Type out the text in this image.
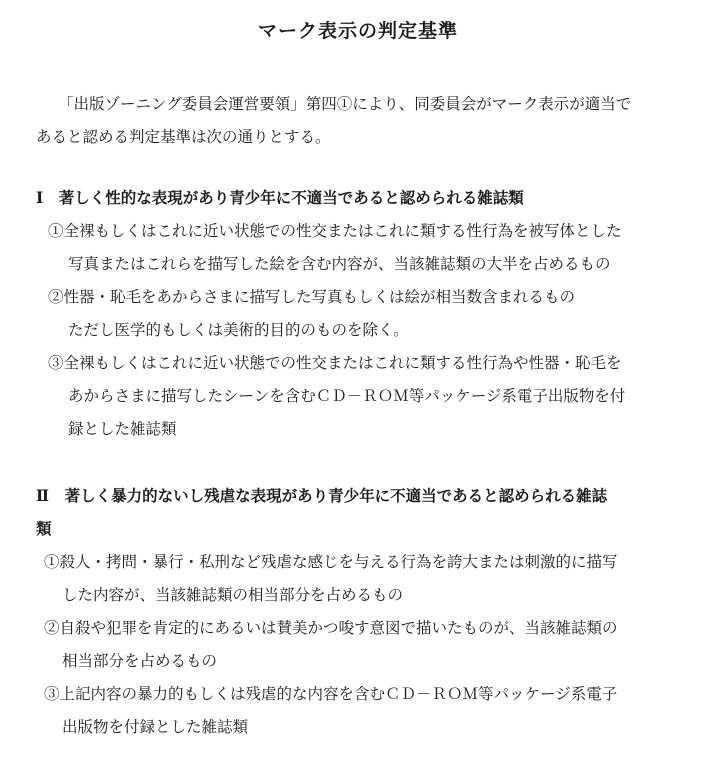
マーク表示の判定基準
「出版ゾーニング委員会運営要領」第四①により、同委員会がマーク表示が適当で
あると認める判定基準は次の通りとする。
Ⅰ　著しく性的な表現があり青少年に不適当であると認められる雑誌類
①全裸もしくはこれに近い状態での性交またはこれに類する性行為を被写体とした
写真またはこれらを描写した絵を含む内容が、当該雑誌類の大半を占めるもの
②性器・恥毛をあからさまに描写した写真もしくは絵が相当数含まれるもの
ただし医学的もしくは美術的目的のものを除く。
③全裸もしくはこれに近い状態での性交またはこれに類する性行為や性器・恥毛を
あからさまに描写したシーンを含むＣＤ－ＲＯＭ等パッケージ系電子出版物を付
録とした雑誌類
Ⅱ　著しく暴力的ないし残虐な表現があり青少年に不適当であると認められる雑誌
類
①殺人・拷問・暴行・私刑など残虐な感じを与える行為を誇大または刺激的に描写
した内容が、当該雑誌類の相当部分を占めるもの
②自殺や犯罪を肯定的にあるいは賛美かつ唆す意図で描いたものが、当該雑誌類の
相当部分を占めるもの
③上記内容の暴力的もしくは残虐的な内容を含むＣＤ－ＲＯＭ等パッケージ系電子
出版物を付録とした雑誌類
